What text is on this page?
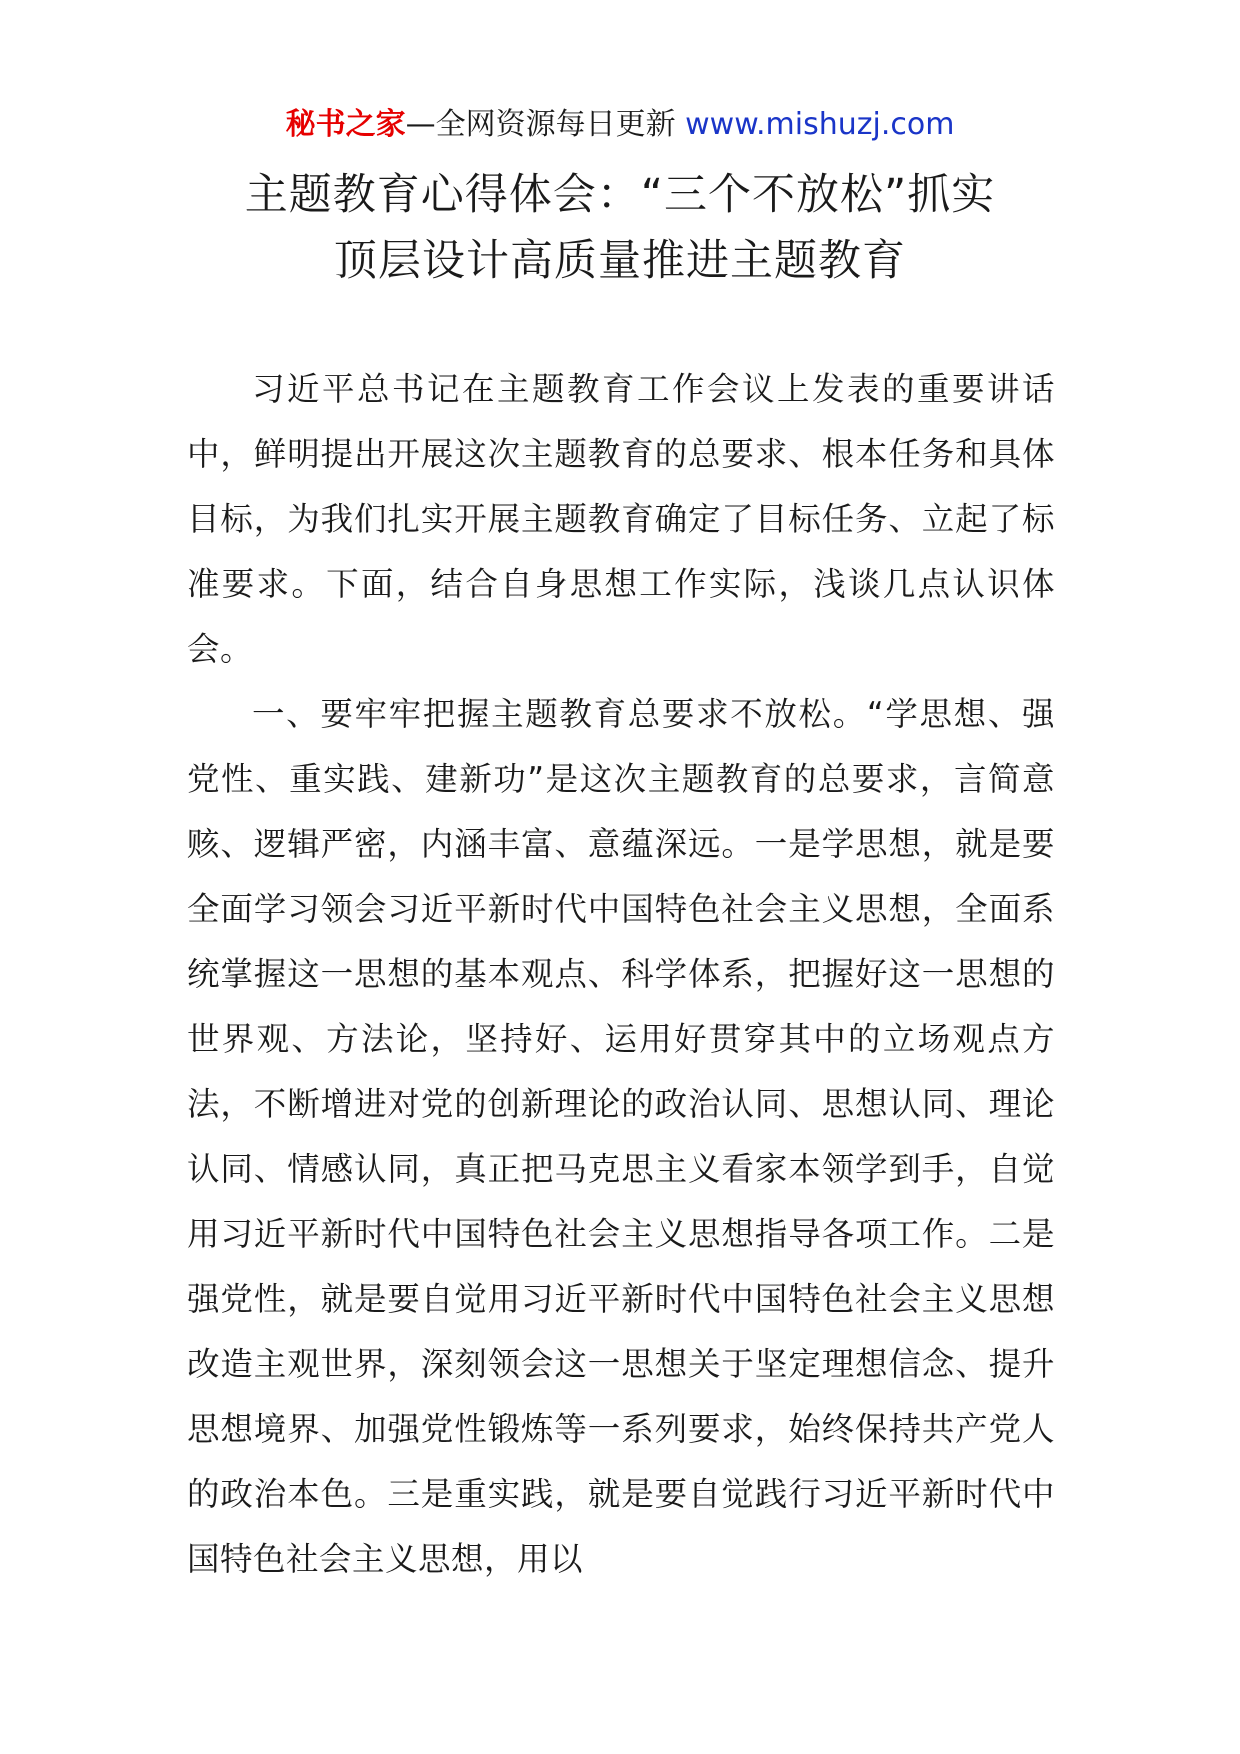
秘书之家—全网资源每日更新 www.mishuzj.com
主题教育心得体会：“三个不放松”抓实
顶层设计高质量推进主题教育

习近平总书记在主题教育工作会议上发表的重要讲话中，鲜明提出开展这次主题教育的总要求、根本任务和具体目标，为我们扎实开展主题教育确定了目标任务、立起了标准要求。下面，结合自身思想工作实际，浅谈几点认识体会。

一、要牢牢把握主题教育总要求不放松。“学思想、强党性、重实践、建新功”是这次主题教育的总要求，言简意赅、逻辑严密，内涵丰富、意蕴深远。一是学思想，就是要全面学习领会习近平新时代中国特色社会主义思想，全面系统掌握这一思想的基本观点、科学体系，把握好这一思想的世界观、方法论，坚持好、运用好贯穿其中的立场观点方法，不断增进对党的创新理论的政治认同、思想认同、理论认同、情感认同，真正把马克思主义看家本领学到手，自觉用习近平新时代中国特色社会主义思想指导各项工作。二是强党性，就是要自觉用习近平新时代中国特色社会主义思想改造主观世界，深刻领会这一思想关于坚定理想信念、提升思想境界、加强党性锻炼等一系列要求，始终保持共产党人的政治本色。三是重实践，就是要自觉践行习近平新时代中国特色社会主义思想，用以
